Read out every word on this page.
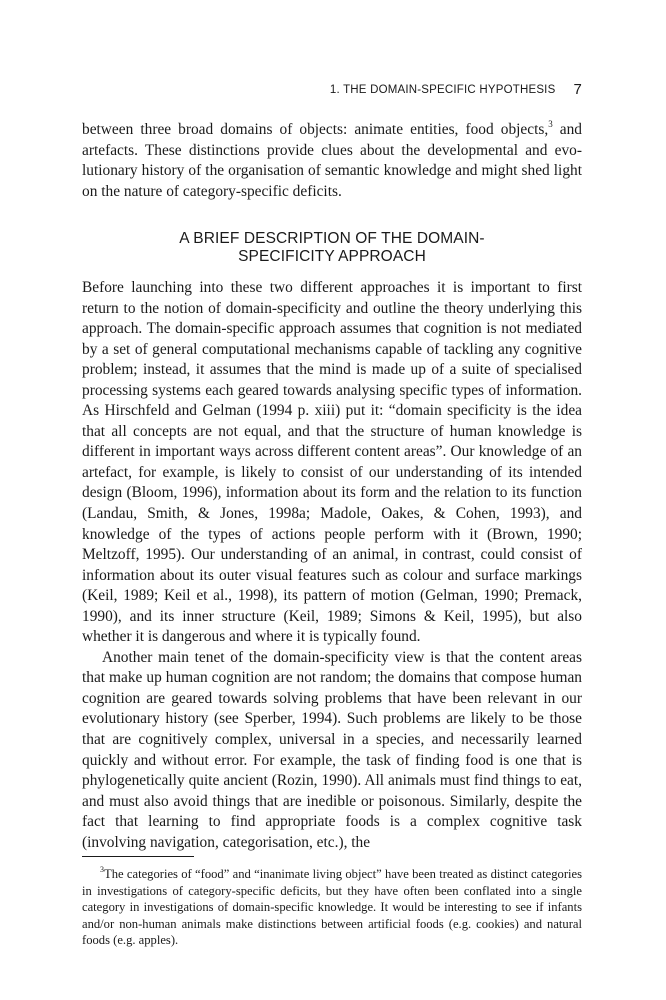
1. THE DOMAIN-SPECIFIC HYPOTHESIS 7

between three broad domains of objects: animate entities, food objects,$^3$ and artefacts. These distinctions provide clues about the developmental and evolutionary history of the organisation of semantic knowledge and might shed light on the nature of category-specific deficits.

A BRIEF DESCRIPTION OF THE DOMAIN-
SPECIFICITY APPROACH

Before launching into these two different approaches it is important to first return to the notion of domain-specificity and outline the theory underlying this approach. The domain-specific approach assumes that cognition is not mediated by a set of general computational mechanisms capable of tackling any cognitive problem; instead, it assumes that the mind is made up of a suite of specialised processing systems each geared towards analysing specific types of information. As Hirschfeld and Gelman (1994 p. xiii) put it: “domain specificity is the idea that all concepts are not equal, and that the structure of human knowledge is different in important ways across different content areas”. Our knowledge of an artefact, for example, is likely to consist of our understanding of its intended design (Bloom, 1996), information about its form and the relation to its function (Landau, Smith, & Jones, 1998a; Madole, Oakes, & Cohen, 1993), and knowledge of the types of actions people perform with it (Brown, 1990; Meltzoff, 1995). Our understanding of an animal, in contrast, could consist of information about its outer visual features such as colour and surface markings (Keil, 1989; Keil et al., 1998), its pattern of motion (Gelman, 1990; Premack, 1990), and its inner structure (Keil, 1989; Simons & Keil, 1995), but also whether it is dangerous and where it is typically found.

Another main tenet of the domain-specificity view is that the content areas that make up human cognition are not random; the domains that compose human cognition are geared towards solving problems that have been relevant in our evolutionary history (see Sperber, 1994). Such problems are likely to be those that are cognitively complex, universal in a species, and necessarily learned quickly and without error. For example, the task of finding food is one that is phylogenetically quite ancient (Rozin, 1990). All animals must find things to eat, and must also avoid things that are inedible or poisonous. Similarly, despite the fact that learning to find appropriate foods is a complex cognitive task (involving navigation, categorisation, etc.), the

$^3$The categories of “food” and “inanimate living object” have been treated as distinct categories in investigations of category-specific deficits, but they have often been conflated into a single category in investigations of domain-specific knowledge. It would be interesting to see if infants and/or non-human animals make distinctions between artificial foods (e.g. cookies) and natural foods (e.g. apples).
